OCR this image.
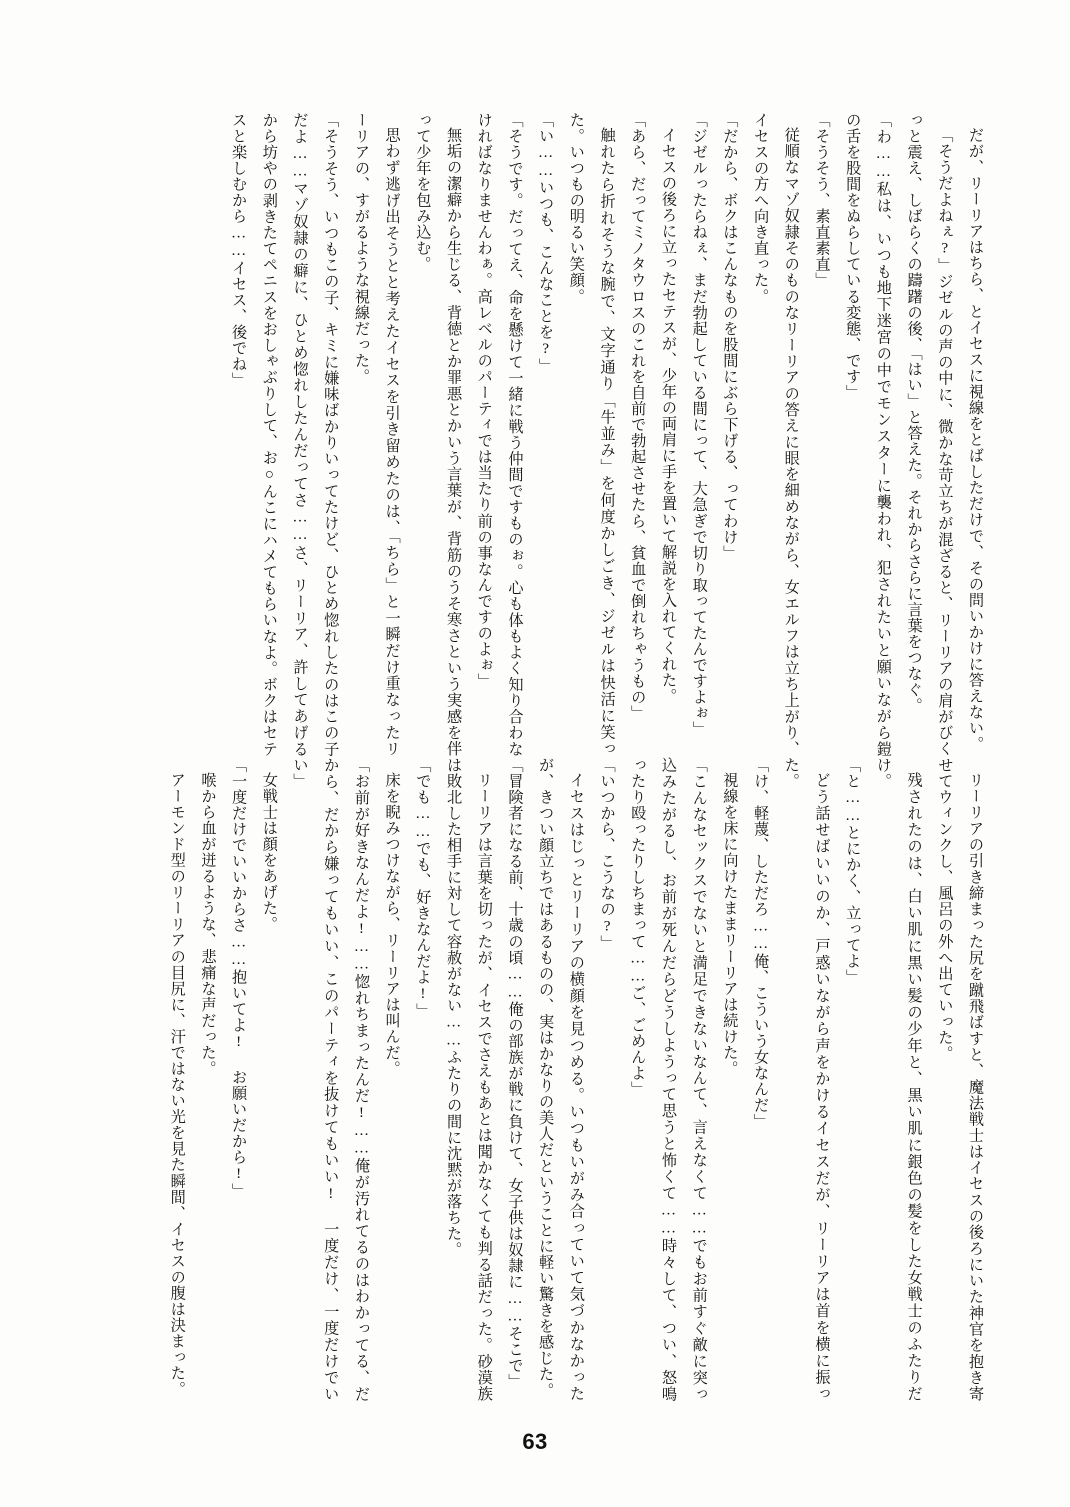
だが、リーリアはちら、とイセスに視線をとばしただけで、その問いかけに答えない。

「そうだよねぇ?」ジゼルの声の中に、微かな苛立ちが混ざると、リーリアの肩がびくっと震え、しばらくの躊躇の後、「はい」と答えた。それからさらに言葉をつなぐ。

「わ……私は、いつも地下迷宮の中でモンスターに襲われ、犯されたいと願いながら鎧の舌を股間をぬらしている変態、です」

「そうそう、素直素直」

従順なマゾ奴隷そのものなリーリアの答えに眼を細めながら、女エルフは立ち上がり、イセスの方へ向き直った。

「だから、ボクはこんなものを股間にぶら下げる、ってわけ」

「ジゼルったらねぇ、まだ勃起している間にって、大急ぎで切り取ってたんですよぉ」

イセスの後ろに立ったセテスが、少年の両肩に手を置いて解説を入れてくれた。

「あら、だってミノタウロスのこれを自前で勃起させたら、貧血で倒れちゃうもの」

触れたら折れそうな腕で、文字通り「牛並み」を何度かしごき、ジゼルは快活に笑った。いつもの明るい笑顔。

「い……いつも、こんなことを?」

「そうです。だってえ、命を懸けて一緒に戦う仲間ですものぉ。心も体もよく知り合わなければなりませんわぁ。高レベルのパーティでは当たり前の事なんですのよぉ」

無垢の潔癖から生じる、背徳とか罪悪とかいう言葉が、背筋のうそ寒さという実感を伴って少年を包み込む。

思わず逃げ出そうとと考えたイセスを引き留めたのは、「ちら」と一瞬だけ重なったリーリアの、すがるような視線だった。

「そうそう、いつもこの子、キミに嫌味ばかりいってたけど、ひとめ惚れしたのはこの子だよ……マゾ奴隷の癖に、ひとめ惚れしたんだってさ……さ、リーリア、許してあげるから坊やの剥きたてペニスをおしゃぶりして、お○んこにハメてもらいなよ。ボクはセテスと楽しむから……イセス、後でね」

リーリアの引き締まった尻を蹴飛ばすと、魔法戦士はイセスの後ろにいた神官を抱き寄せてウィンクし、風呂の外へ出ていった。

残されたのは、白い肌に黒い髪の少年と、黒い肌に銀色の髪をした女戦士のふたりだけ。

「と……とにかく、立ってよ」

どう話せばいいのか、戸惑いながら声をかけるイセスだが、リーリアは首を横に振った。

「け、軽蔑、しただろ……俺、こういう女なんだ」

視線を床に向けたままリーリアは続けた。

「こんなセックスでないと満足できないなんて、言えなくて……でもお前すぐ敵に突っ込みたがるし、お前が死んだらどうしようって思うと怖くて……時々して、つい、怒鳴ったり殴ったりしちまって……ご、ごめんよ」

「いつから、こうなの?」

イセスはじっとリーリアの横顔を見つめる。いつもいがみ合っていて気づかなかったが、きつい顔立ちではあるものの、実はかなりの美人だということに軽い驚きを感じた。

「冒険者になる前、十歳の頃……俺の部族が戦に負けて、女子供は奴隷に……そこで」

リーリアは言葉を切ったが、イセスでさえもあとは聞かなくても判る話だった。砂漠族は敗北した相手に対して容赦がない……ふたりの間に沈黙が落ちた。

「でも……でも、好きなんだよ!」

床を睨みつけながら、リーリアは叫んだ。

「お前が好きなんだよ!……惚れちまったんだ!……俺が汚れてるのはわかってる、だから、だから嫌ってもいい、このパーティを抜けてもいい! 一度だけ、一度だけでいい」

女戦士は顔をあげた。

「一度だけでいいからさ……抱いてよ! お願いだから!」

喉から血が迸るような、悲痛な声だった。

アーモンド型のリーリアの目尻に、汗ではない光を見た瞬間、イセスの腹は決まった。

63
